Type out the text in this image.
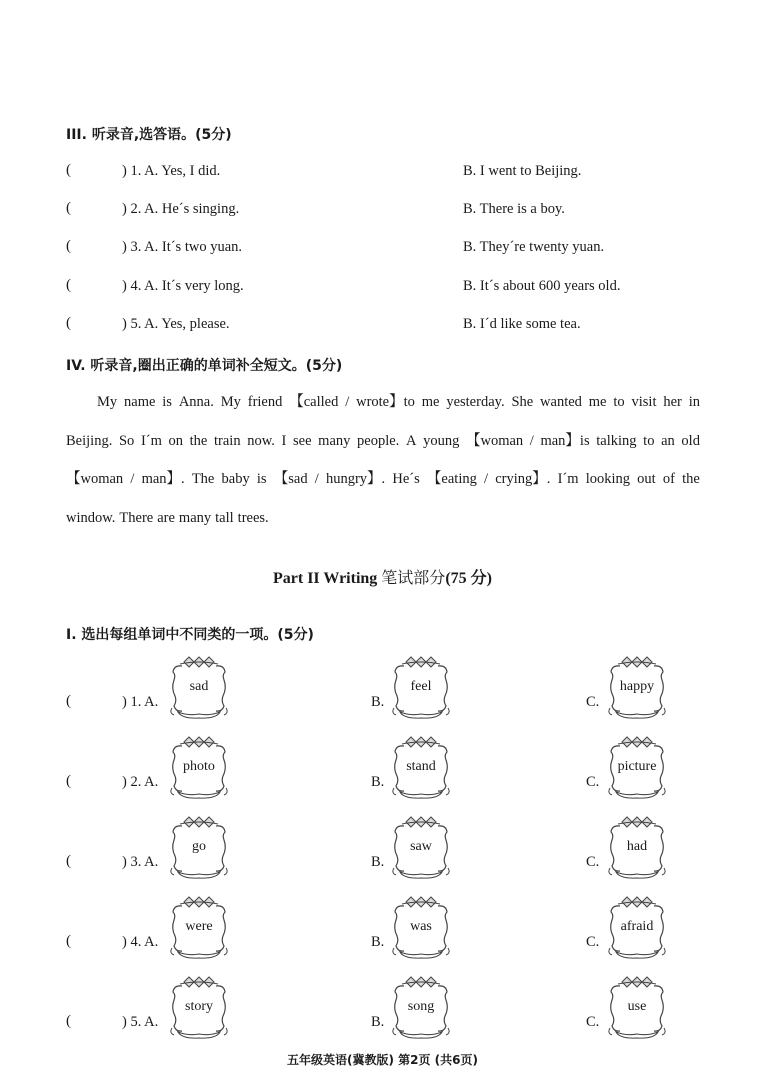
III. 听录音,选答语。(5分)
(	) 1. A. Yes, I did.	B. I went to Beijing.
(	) 2. A. He´s singing.	B. There is a boy.
(	) 3. A. It´s two yuan.	B. They´re twenty yuan.
(	) 4. A. It´s very long.	B. It´s about 600 years old.
(	) 5. A. Yes, please.	B. I´d like some tea.
IV. 听录音,圈出正确的单词补全短文。(5分)
My name is Anna. My friend 【called / wrote】to me yesterday. She wanted me to visit her in
Beijing. So I´m on the train now. I see many people. A young 【woman / man】is talking to an old
【woman / man】. The baby is 【sad / hungry】. He´s 【eating / crying】. I´m looking out of the
window. There are many tall trees.
Part II Writing 笔试部分(75 分)
I. 选出每组单词中不同类的一项。(5分)
(	) 1. A.	B.	C.
sad	feel	happy
(	) 2. A.	B.	C.
photo	stand	picture
(	) 3. A.	B.	C.
go	saw	had
(	) 4. A.	B.	C.
were	was	afraid
(	) 5. A.	B.	C.
story	song	use
五年级英语(冀教版) 第2页 (共6页)
